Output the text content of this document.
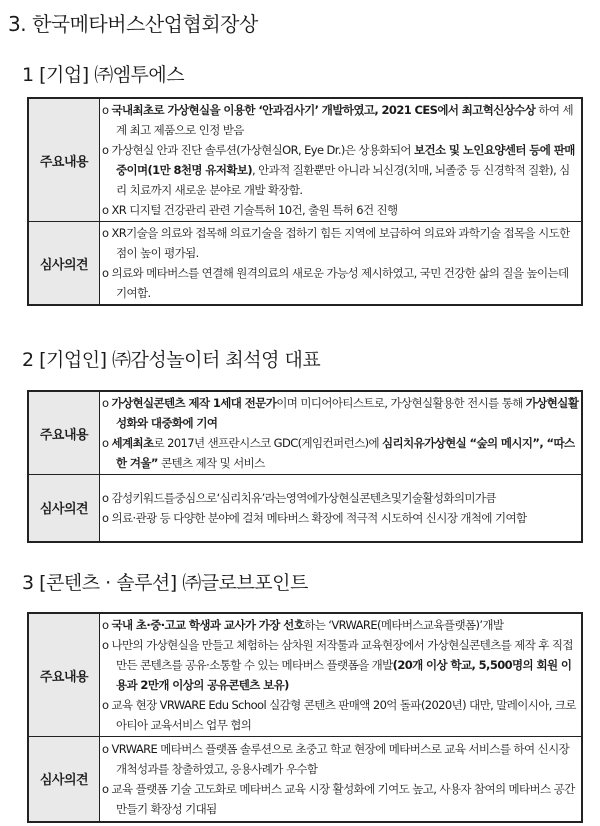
3. 한국메타버스산업협회장상
1 [기업] ㈜엠투에스
주요내용	o 국내최초로 가상현실을 이용한 ‘안과검사기’ 개발하였고, 2021 CES에서 최고혁신상수상 하여 세계 최고 제품으로 인정 받음
o 가상현실 안과 진단 솔루션(가상현실OR, Eye Dr.)은 상용화되어 보건소 및 노인요양센터 등에 판매 중이며(1만 8천명 유저확보), 안과적 질환뿐만 아니라 뇌신경(치매, 뇌졸중 등 신경학적 질환), 심리 치료까지 새로운 분야로 개발 확장함.
o XR 디지털 건강관리 관련 기술특허 10건, 출원 특허 6건 진행

심사의견	o XR기술을 의료와 접목해 의료기술을 접하기 힘든 지역에 보급하여 의료와 과학기술 접목을 시도한 점이 높이 평가됨.
o 의료와 메타버스를 연결해 원격의료의 새로운 가능성 제시하였고, 국민 건강한 삶의 질을 높이는데 기여함.
2 [기업인] ㈜감성놀이터 최석영 대표
주요내용	o 가상현실콘텐츠 제작 1세대 전문가이며 미디어아티스트로, 가상현실활용한 전시를 통해 가상현실활성화와 대중화에 기여
o 세계최초로 2017년 샌프란시스코 GDC(게임컨퍼런스)에 심리치유가상현실 “숲의 메시지”, “따스한 겨울” 콘텐츠 제작 및 서비스

심사의견	o 감성키워드를중심으로‘심리치유’라는영역에가상현실콘텐츠및기술활성화의미가큼
o 의료·관광 등 다양한 분야에 걸쳐 메타버스 확장에 적극적 시도하여 신시장 개척에 기여함
3 [콘텐츠 · 솔루션] ㈜글로브포인트
주요내용	o 국내 초·중·고교 학생과 교사가 가장 선호하는 ‘VRWARE(메타버스교육플랫폼)’개발
o 나만의 가상현실을 만들고 체험하는 삼차원 저작툴과 교육현장에서 가상현실콘텐츠를 제작 후 직접 만든 콘텐츠를 공유·소통할 수 있는 메타버스 플랫폼을 개발(20개 이상 학교, 5,500명의 회원 이용과 2만개 이상의 공유콘텐츠 보유)
o 교육 현장 VRWARE Edu School 실감형 콘텐츠 판매액 20억 돌파(2020년) 대만, 말레이시아, 크로아티아 교육서비스 업무 협의

심사의견	o VRWARE 메타버스 플랫폼 솔루션으로 초중고 학교 현장에 메타버스로 교육 서비스를 하여 신시장 개척성과를 창출하였고, 응용사례가 우수함
o 교육 플랫폼 기술 고도화로 메타버스 교육 시장 활성화에 기여도 높고, 사용자 참여의 메타버스 공간 만들기 확장성 기대됨
